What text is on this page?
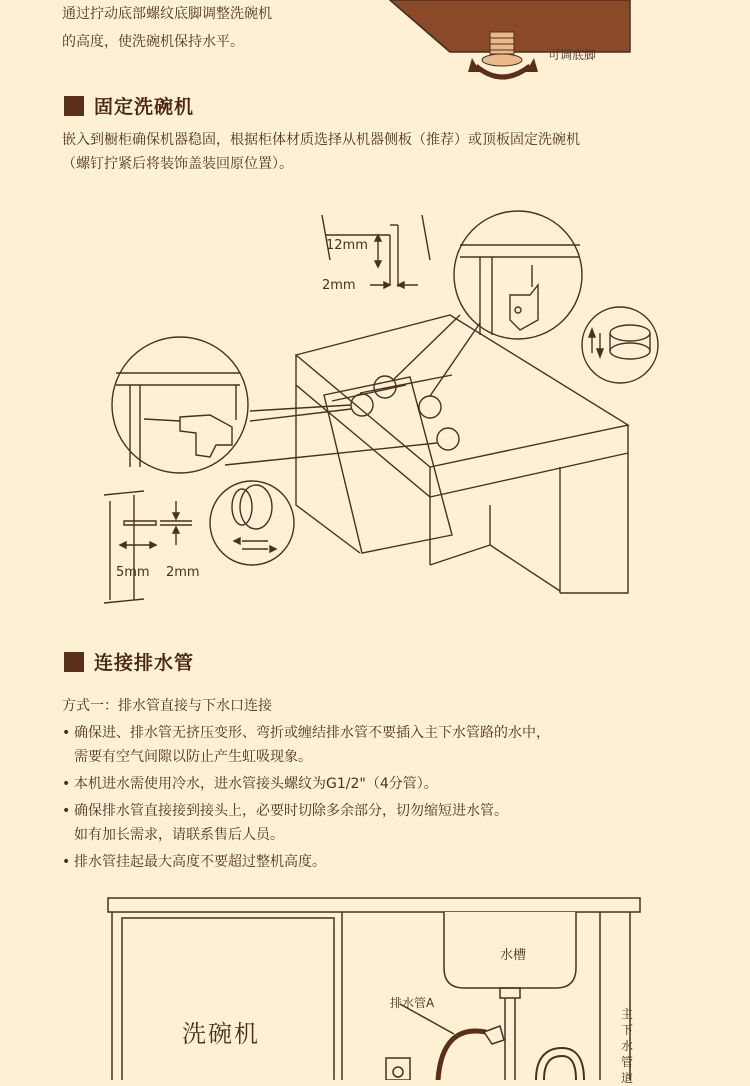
通过拧动底部螺纹底脚调整洗碗机
的高度，使洗碗机保持水平。
可调底脚
固定洗碗机
嵌入到橱柜确保机器稳固，根据柜体材质选择从机器侧板（推荐）或顶板固定洗碗机
（螺钉拧紧后将装饰盖装回原位置）。
12mm
2mm
5mm 2mm
连接排水管
方式一：排水管直接与下水口连接
• 确保进、排水管无挤压变形、弯折或缠结排水管不要插入主下水管路的水中，
需要有空气间隙以防止产生虹吸现象。
• 本机进水需使用冷水，进水管接头螺纹为G1/2"（4分管）。
• 确保排水管直接接到接头上，必要时切除多余部分，切勿缩短进水管。
如有加长需求，请联系售后人员。
• 排水管挂起最大高度不要超过整机高度。
洗碗机
水槽
排水管A
主
下
水
管
道
